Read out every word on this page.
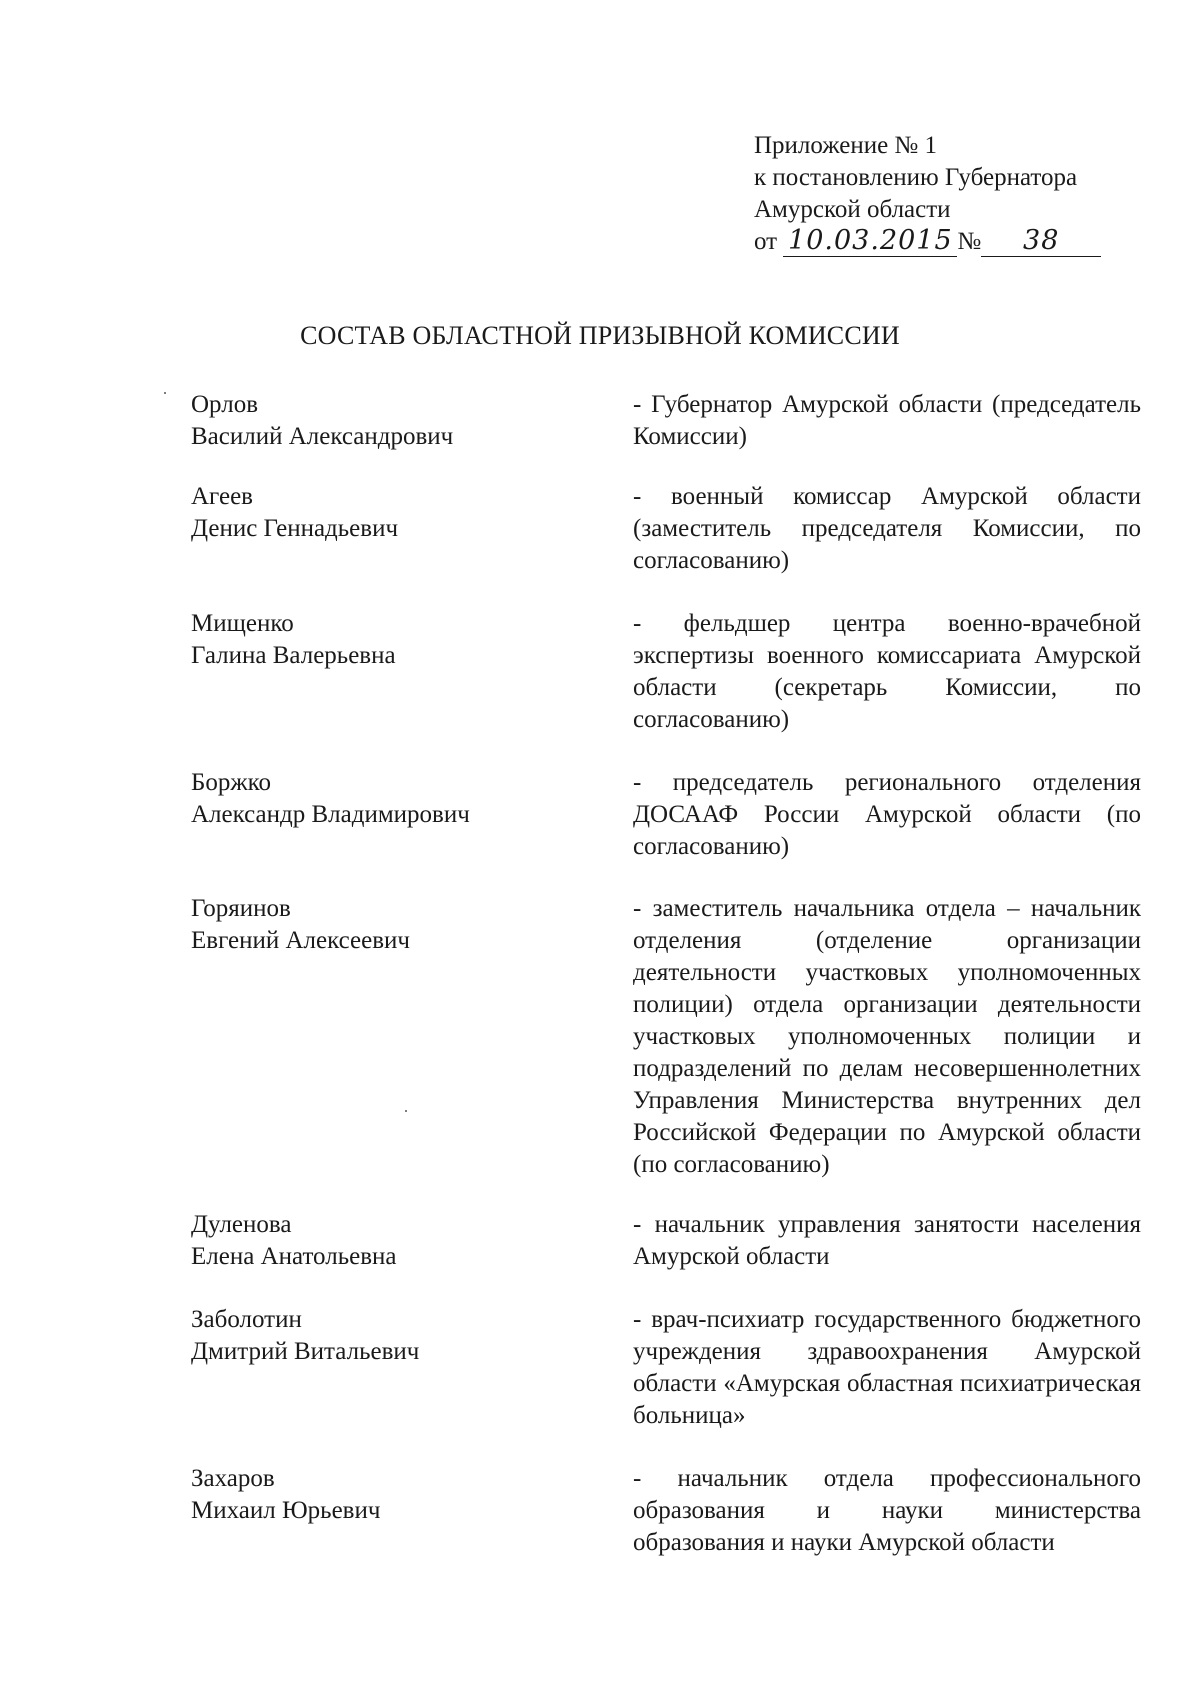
Приложение № 1
к постановлению Губернатора
Амурской области
от 10.03.2015 № 38
СОСТАВ ОБЛАСТНОЙ ПРИЗЫВНОЙ КОМИССИИ
Орлов
Василий Александрович
- Губернатор Амурской области (председатель Комиссии)
Агеев
Денис Геннадьевич
- военный комиссар Амурской области (заместитель председателя Комиссии, по согласованию)
Мищенко
Галина Валерьевна
- фельдшер центра военно-врачебной экспертизы военного комиссариата Амурской области (секретарь Комиссии, по согласованию)
Боржко
Александр Владимирович
- председатель регионального отделения ДОСААФ России Амурской области (по согласованию)
Горяинов
Евгений Алексеевич
- заместитель начальника отдела – начальник отделения (отделение организации деятельности участковых уполномоченных полиции) отдела организации деятельности участковых уполномоченных полиции и подразделений по делам несовершеннолетних Управления Министерства внутренних дел Российской Федерации по Амурской области (по согласованию)
Дуленова
Елена Анатольевна
- начальник управления занятости населения Амурской области
Заболотин
Дмитрий Витальевич
- врач-психиатр государственного бюджетного учреждения здравоохранения Амурской области «Амурская областная психиатрическая больница»
Захаров
Михаил Юрьевич
- начальник отдела профессионального образования и науки министерства образования и науки Амурской области
